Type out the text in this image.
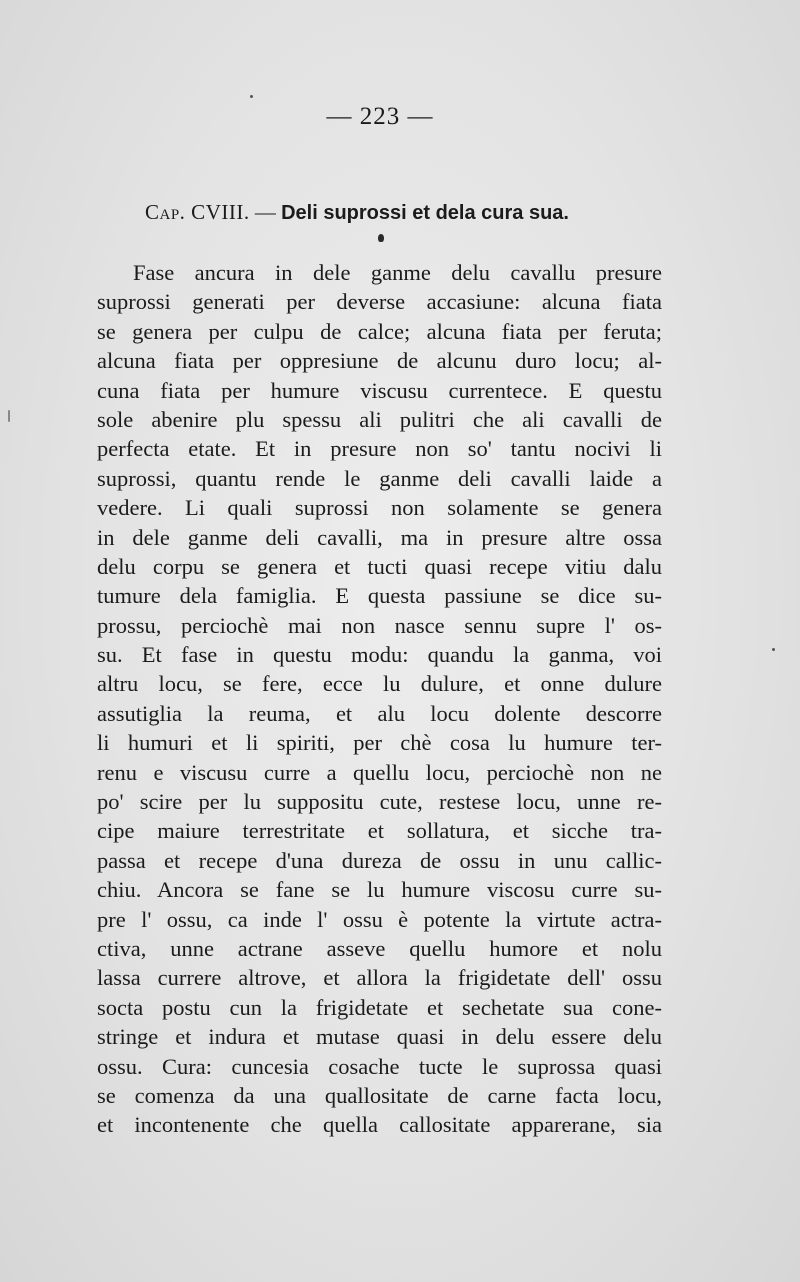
— 223 —
Cap. CVIII. — Deli suprossi et dela cura sua.
Fase ancura in dele ganme delu cavallu presure
suprossi generati per deverse accasiune: alcuna fiata
se genera per culpu de calce; alcuna fiata per feruta;
alcuna fiata per oppresiune de alcunu duro locu; al-
cuna fiata per humure viscusu currentece. E questu
sole abenire plu spessu ali pulitri che ali cavalli de
perfecta etate. Et in presure non so' tantu nocivi li
suprossi, quantu rende le ganme deli cavalli laide a
vedere. Li quali suprossi non solamente se genera
in dele ganme deli cavalli, ma in presure altre ossa
delu corpu se genera et tucti quasi recepe vitiu dalu
tumure dela famiglia. E questa passiune se dice su-
prossu, perciochè mai non nasce sennu supre l' os-
su. Et fase in questu modu: quandu la ganma, voi
altru locu, se fere, ecce lu dulure, et onne dulure
assutiglia la reuma, et alu locu dolente descorre
li humuri et li spiriti, per chè cosa lu humure ter-
renu e viscusu curre a quellu locu, perciochè non ne
po' scire per lu suppositu cute, restese locu, unne re-
cipe maiure terrestritate et sollatura, et sicche tra-
passa et recepe d'una dureza de ossu in unu callic-
chiu. Ancora se fane se lu humure viscosu curre su-
pre l' ossu, ca inde l' ossu è potente la virtute actra-
ctiva, unne actrane asseve quellu humore et nolu
lassa currere altrove, et allora la frigidetate dell' ossu
socta postu cun la frigidetate et sechetate sua cone-
stringe et indura et mutase quasi in delu essere delu
ossu. Cura: cuncesia cosache tucte le suprossa quasi
se comenza da una quallositate de carne facta locu,
et incontenente che quella callositate apparerane, sia
